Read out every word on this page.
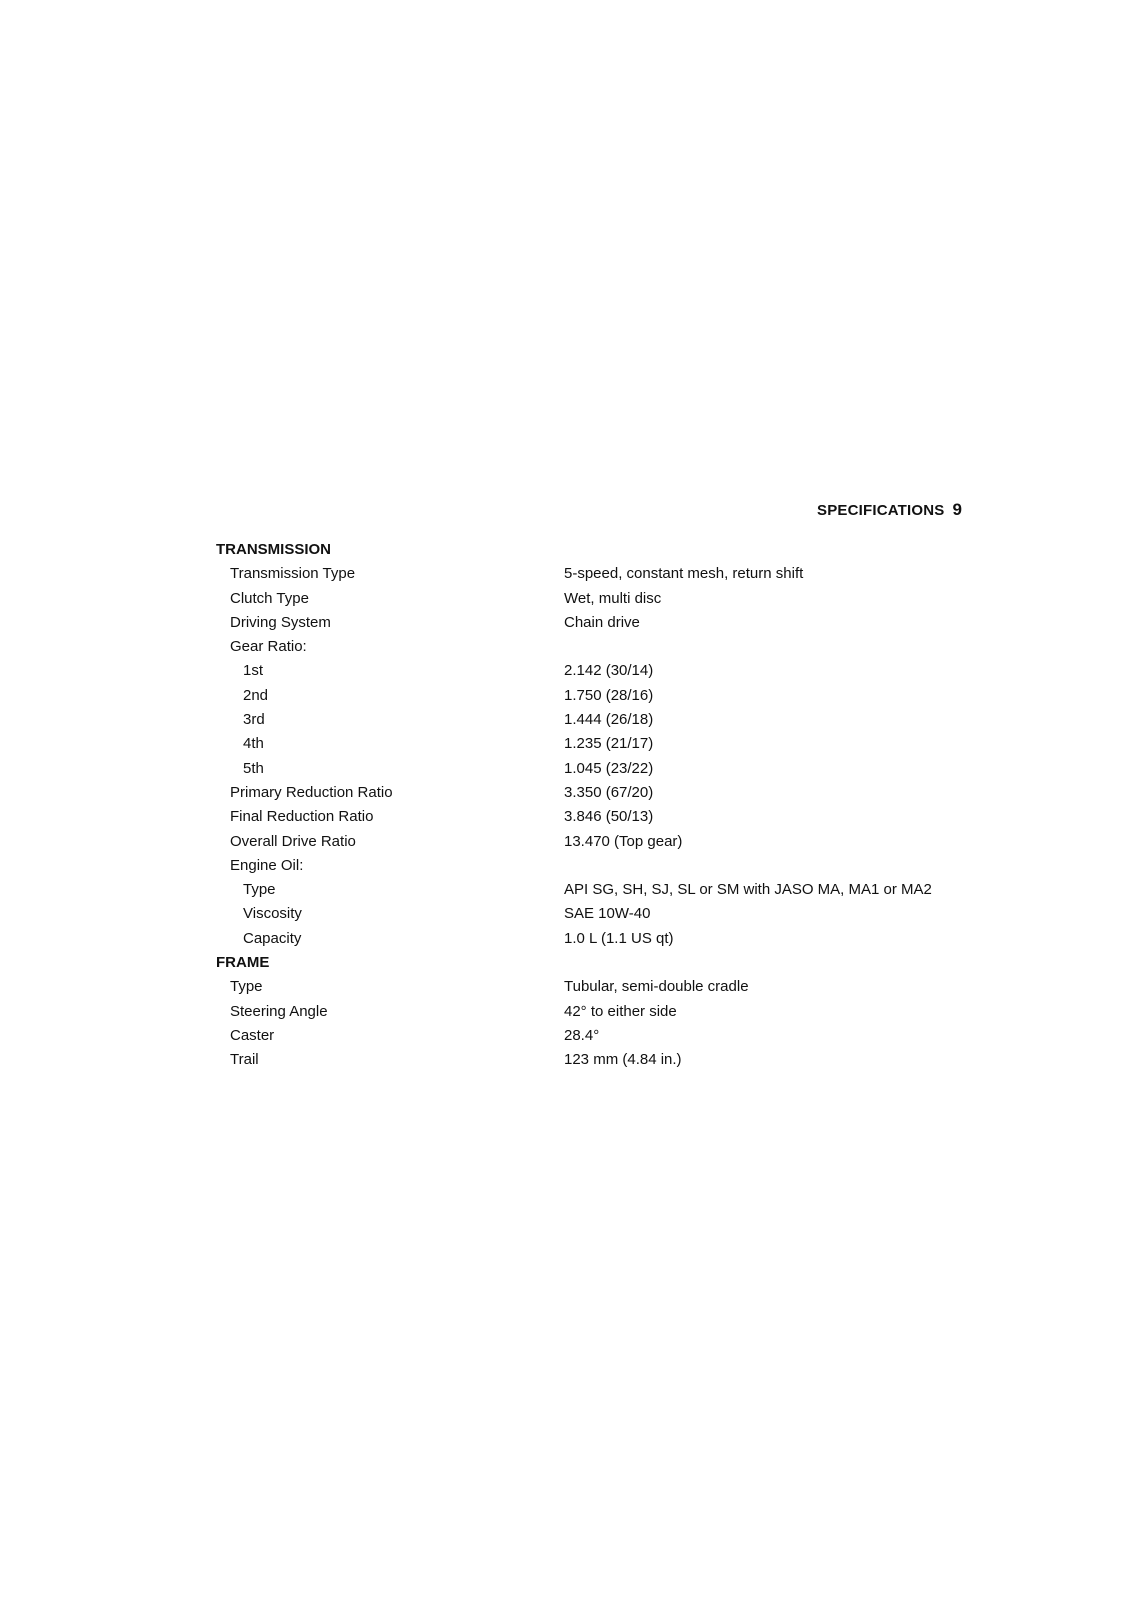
SPECIFICATIONS 9
TRANSMISSION
Transmission Type	5-speed, constant mesh, return shift
Clutch Type	Wet, multi disc
Driving System	Chain drive
Gear Ratio:
1st	2.142 (30/14)
2nd	1.750 (28/16)
3rd	1.444 (26/18)
4th	1.235 (21/17)
5th	1.045 (23/22)
Primary Reduction Ratio	3.350 (67/20)
Final Reduction Ratio	3.846 (50/13)
Overall Drive Ratio	13.470 (Top gear)
Engine Oil:
Type	API SG, SH, SJ, SL or SM with JASO MA, MA1 or MA2
Viscosity	SAE 10W-40
Capacity	1.0 L (1.1 US qt)
FRAME
Type	Tubular, semi-double cradle
Steering Angle	42° to either side
Caster	28.4°
Trail	123 mm (4.84 in.)
